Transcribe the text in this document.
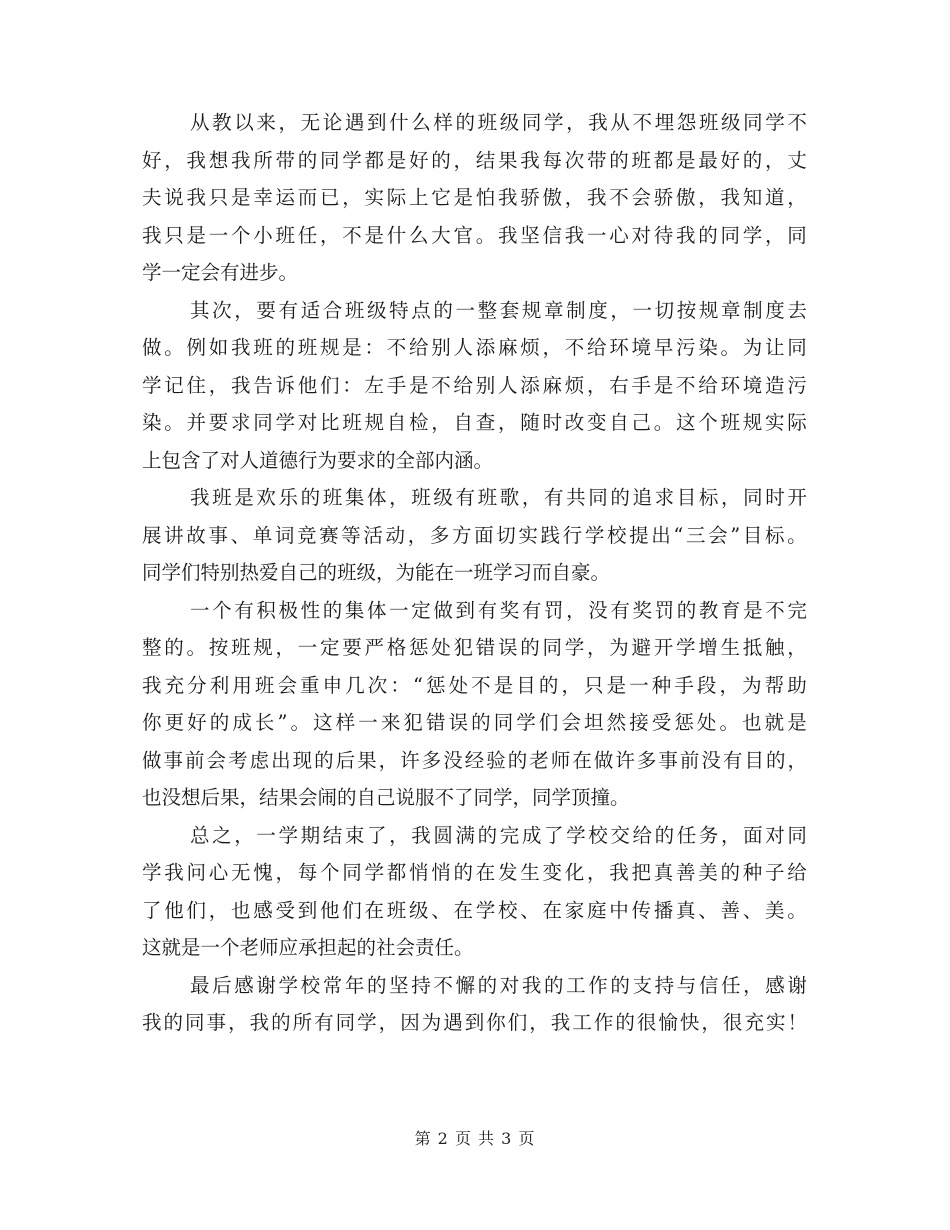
从 教 以 来 ， 无 论 遇 到 什 么 样 的 班 级 同 学 ， 我 从 不 埋 怨 班 级 同 学 不
好 ， 我 想 我 所 带 的 同 学 都 是 好 的 ， 结 果 我 每 次 带 的 班 都 是 最 好 的 ， 丈
夫 说 我 只 是 幸 运 而 已 ， 实 际 上 它 是 怕 我 骄 傲 ， 我 不 会 骄 傲 ， 我 知 道 ，
我 只 是 一 个 小 班 任 ， 不 是 什 么 大 官 。 我 坚 信 我 一 心 对 待 我 的 同 学 ， 同
学一定会有进步。
其 次 ， 要 有 适 合 班 级 特 点 的 一 整 套 规 章 制 度 ， 一 切 按 规 章 制 度 去
做 。 例 如 我 班 的 班 规 是 ： 不 给 别 人 添 麻 烦 ， 不 给 环 境 早 污 染 。 为 让 同
学 记 住 ， 我 告 诉 他 们 ： 左 手 是 不 给 别 人 添 麻 烦 ， 右 手 是 不 给 环 境 造 污
染 。 并 要 求 同 学 对 比 班 规 自 检 ， 自 查 ， 随 时 改 变 自 己 。 这 个 班 规 实 际
上包含了对人道德行为要求的全部内涵。
我 班 是 欢 乐 的 班 集 体 ， 班 级 有 班 歌 ， 有 共 同 的 追 求 目 标 ， 同 时 开
展 讲 故 事 、 单 词 竞 赛 等 活 动 ， 多 方 面 切 实 践 行 学 校 提 出 “ 三 会 ” 目 标 。
同学们特别热爱自己的班级，为能在一班学习而自豪。
一 个 有 积 极 性 的 集 体 一 定 做 到 有 奖 有 罚 ， 没 有 奖 罚 的 教 育 是 不 完
整 的 。 按 班 规 ， 一 定 要 严 格 惩 处 犯 错 误 的 同 学 ， 为 避 开 学 增 生 抵 触 ，
我 充 分 利 用 班 会 重 申 几 次 ： “ 惩 处 不 是 目 的 ， 只 是 一 种 手 段 ， 为 帮 助
你 更 好 的 成 长 ” 。 这 样 一 来 犯 错 误 的 同 学 们 会 坦 然 接 受 惩 处 。 也 就 是
做 事 前 会 考 虑 出 现 的 后 果 ， 许 多 没 经 验 的 老 师 在 做 许 多 事 前 没 有 目 的 ，
也没想后果，结果会闹的自己说服不了同学，同学顶撞。
总 之 ， 一 学 期 结 束 了 ， 我 圆 满 的 完 成 了 学 校 交 给 的 任 务 ， 面 对 同
学 我 问 心 无 愧 ， 每 个 同 学 都 悄 悄 的 在 发 生 变 化 ， 我 把 真 善 美 的 种 子 给
了 他 们 ， 也 感 受 到 他 们 在 班 级 、 在 学 校 、 在 家 庭 中 传 播 真 、 善 、 美 。
这就是一个老师应承担起的社会责任。
最 后 感 谢 学 校 常 年 的 坚 持 不 懈 的 对 我 的 工 作 的 支 持 与 信 任 ， 感 谢
我 的 同 事 ， 我 的 所 有 同 学 ， 因 为 遇 到 你 们 ， 我 工 作 的 很 愉 快 ， 很 充 实 ！
第 2 页 共 3 页
